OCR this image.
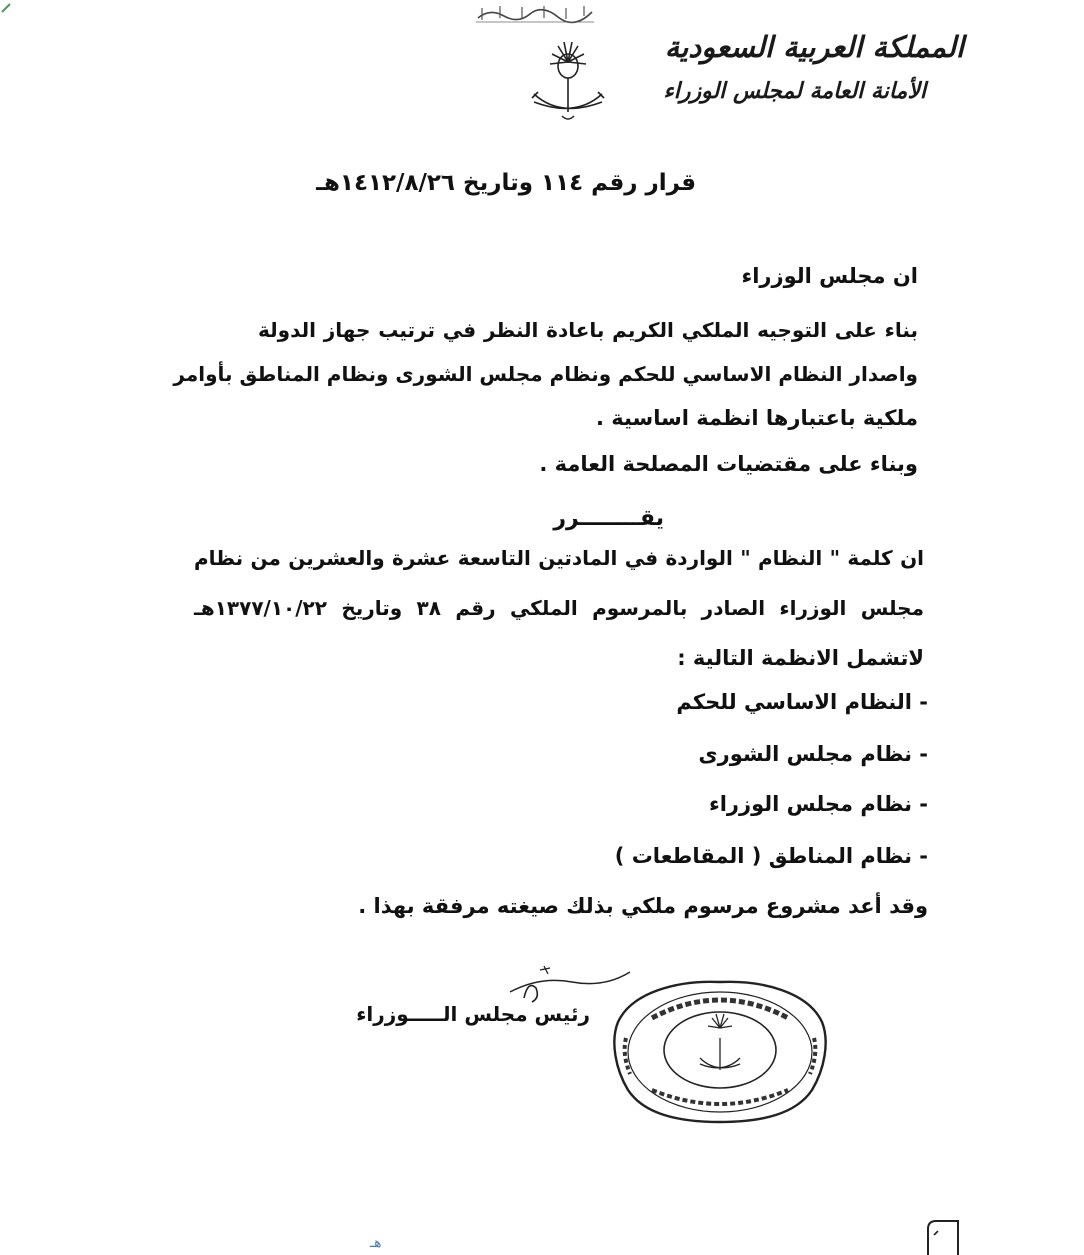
المملكة العربية السعودية
الأمانة العامة لمجلس الوزراء
قرار رقم ١١٤ وتاريخ ١٤١٢/٨/٢٦هـ
ان مجلس الوزراء
بناء على التوجيه الملكي الكريم باعادة النظر في ترتيب جهاز الدولة
واصدار النظام الاساسي للحكم ونظام مجلس الشورى ونظام المناطق بأوامر
ملكية باعتبارها انظمة اساسية .
وبناء على مقتضيات المصلحة العامة .
يقــــــــرر
ان كلمة " النظام " الواردة في المادتين التاسعة عشرة والعشرين من نظام
مجلس الوزراء الصادر بالمرسوم الملكي رقم ٣٨ وتاريخ ١٣٧٧/١٠/٢٢هـ
لاتشمل الانظمة التالية :
- النظام الاساسي للحكم
- نظام مجلس الشورى
- نظام مجلس الوزراء
- نظام المناطق ( المقاطعات )
وقد أعد مشروع مرسوم ملكي بذلك صيغته مرفقة بهذا .
رئيس مجلس الـــــوزراء
هـ
